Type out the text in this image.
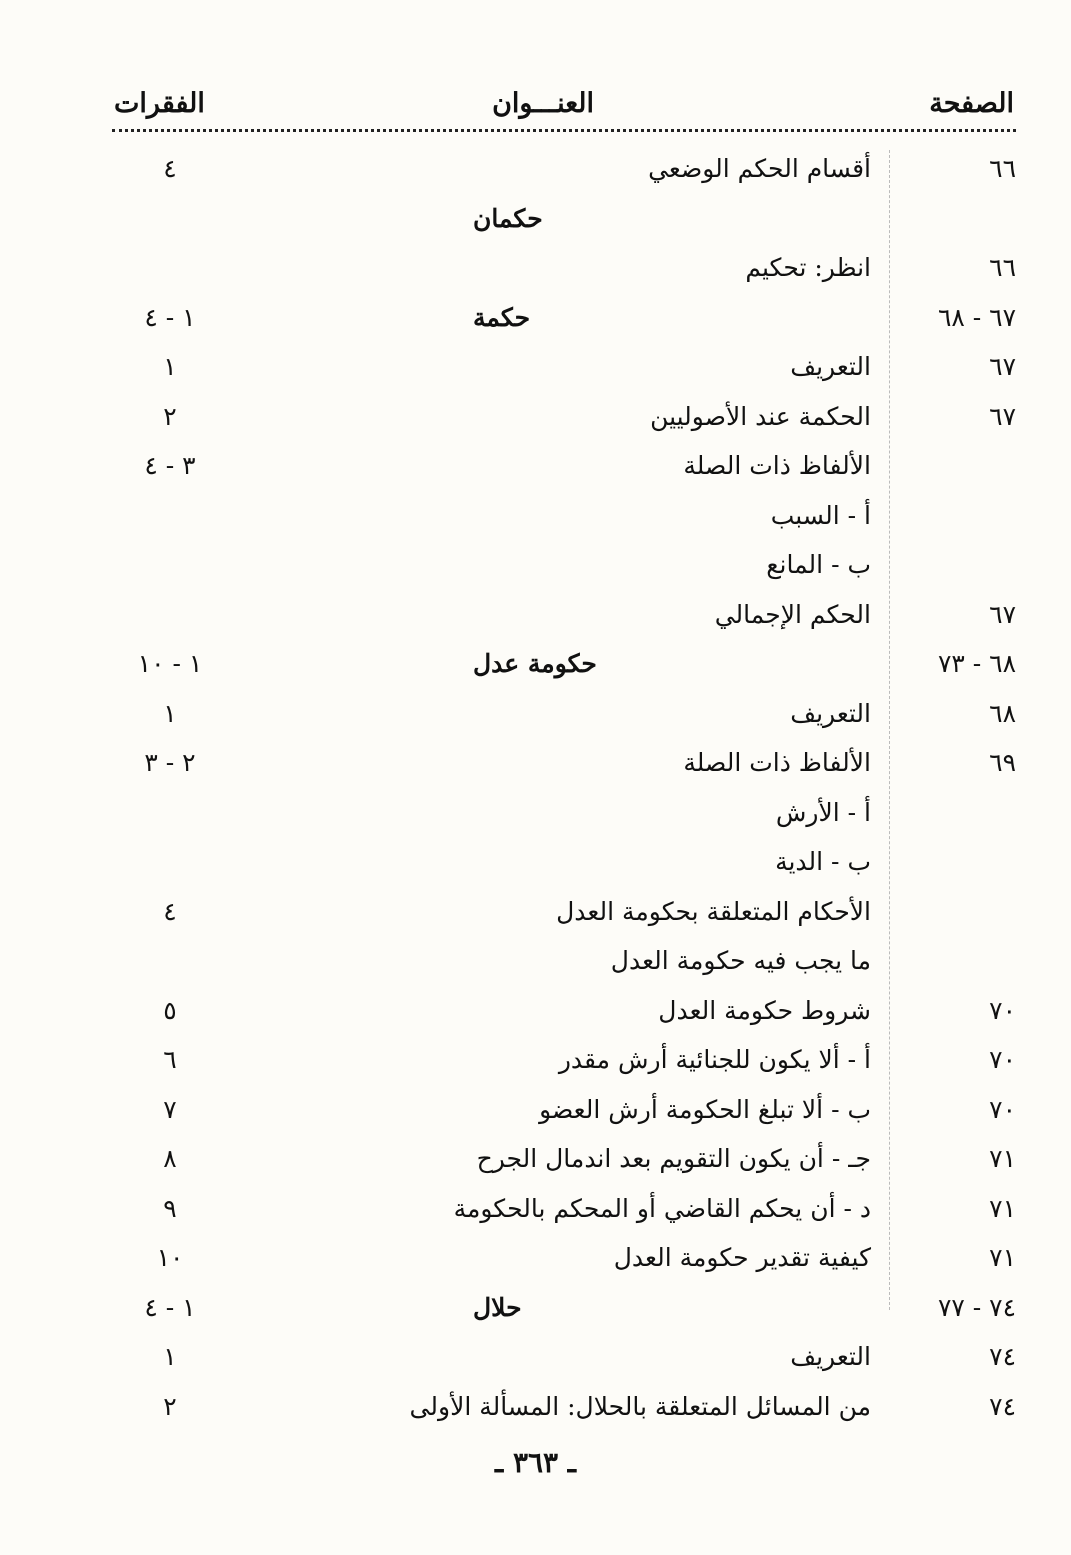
الصفحة
العنـــوان
الفقرات
٦٦
أقسام الحكم الوضعي
٤
حكمان
٦٦
انظر: تحكيم
٦٧ - ٦٨
حكمة
١ - ٤
٦٧
التعريف
١
٦٧
الحكمة عند الأصوليين
٢
الألفاظ ذات الصلة
٣ - ٤
أ - السبب
ب - المانع
٦٧
الحكم الإجمالي
٦٨ - ٧٣
حكومة عدل
١ - ١٠
٦٨
التعريف
١
٦٩
الألفاظ ذات الصلة
٢ - ٣
أ - الأرش
ب - الدية
الأحكام المتعلقة بحكومة العدل
٤
ما يجب فيه حكومة العدل
٧٠
شروط حكومة العدل
٥
٧٠
أ - ألا يكون للجنائية أرش مقدر
٦
٧٠
ب - ألا تبلغ الحكومة أرش العضو
٧
٧١
جـ - أن يكون التقويم بعد اندمال الجرح
٨
٧١
د - أن يحكم القاضي أو المحكم بالحكومة
٩
٧١
كيفية تقدير حكومة العدل
١٠
٧٤ - ٧٧
حلال
١ - ٤
٧٤
التعريف
١
٧٤
من المسائل المتعلقة بالحلال: المسألة الأولى
٢
ـ ٣٦٣ ـ
